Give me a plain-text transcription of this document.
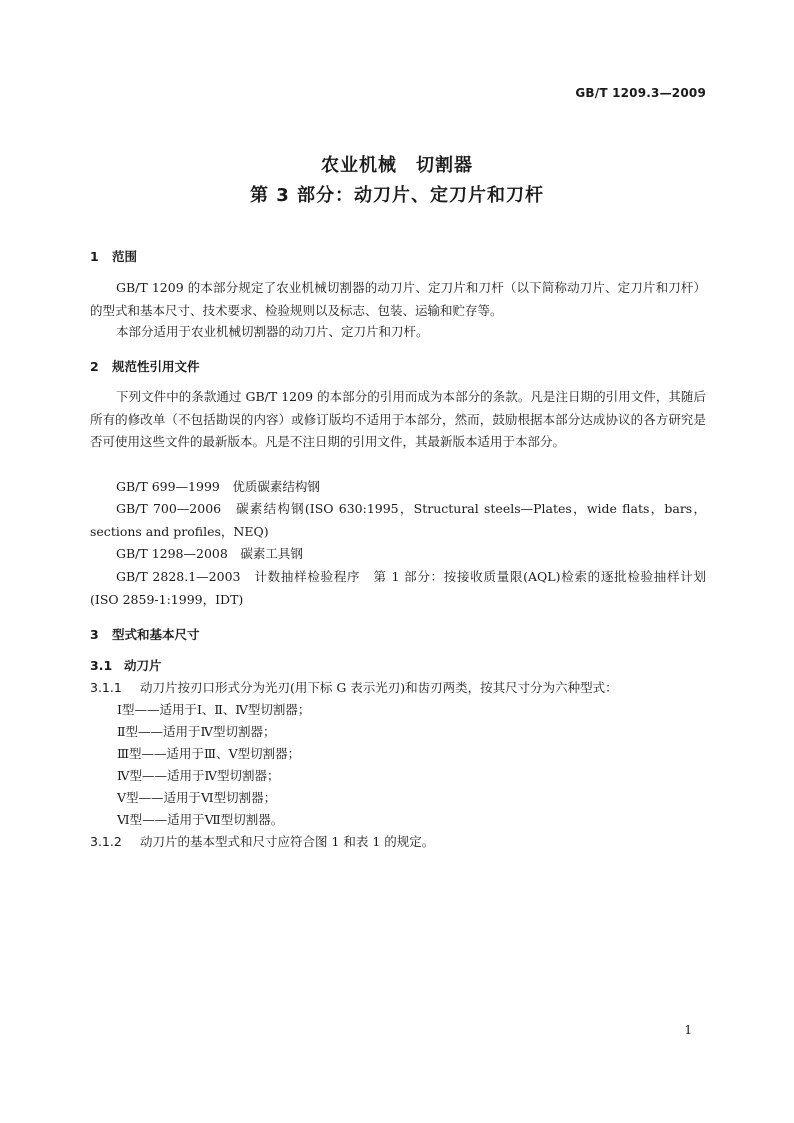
GB/T 1209.3—2009
农业机械　切割器
第 3 部分：动刀片、定刀片和刀杆
1 范围
GB/T 1209 的本部分规定了农业机械切割器的动刀片、定刀片和刀杆（以下简称动刀片、定刀片和刀杆）的型式和基本尺寸、技术要求、检验规则以及标志、包装、运输和贮存等。
本部分适用于农业机械切割器的动刀片、定刀片和刀杆。
2 规范性引用文件
下列文件中的条款通过 GB/T 1209 的本部分的引用而成为本部分的条款。凡是注日期的引用文件，其随后所有的修改单（不包括勘误的内容）或修订版均不适用于本部分，然而，鼓励根据本部分达成协议的各方研究是否可使用这些文件的最新版本。凡是不注日期的引用文件，其最新版本适用于本部分。
GB/T 699—1999　 优质碳素结构钢
GB/T 700—2006　 碳素结构钢(ISO 630:1995，Structural steels—Plates，wide flats，bars，sections and profiles，NEQ)
GB/T 1298—2008　 碳素工具钢
GB/T 2828.1—2003　 计数抽样检验程序　第 1 部分：按接收质量限(AQL)检索的逐批检验抽样计划(ISO 2859-1:1999，IDT)
3 型式和基本尺寸
3.1 动刀片
3.1.1 动刀片按刃口形式分为光刃(用下标 G 表示光刃)和齿刃两类，按其尺寸分为六种型式：
Ⅰ型——适用于Ⅰ、Ⅱ、Ⅳ型切割器；
Ⅱ型——适用于Ⅳ型切割器；
Ⅲ型——适用于Ⅲ、Ⅴ型切割器；
Ⅳ型——适用于Ⅳ型切割器；
Ⅴ型——适用于Ⅵ型切割器；
Ⅵ型——适用于Ⅶ型切割器。
3.1.2 动刀片的基本型式和尺寸应符合图 1 和表 1 的规定。
1
